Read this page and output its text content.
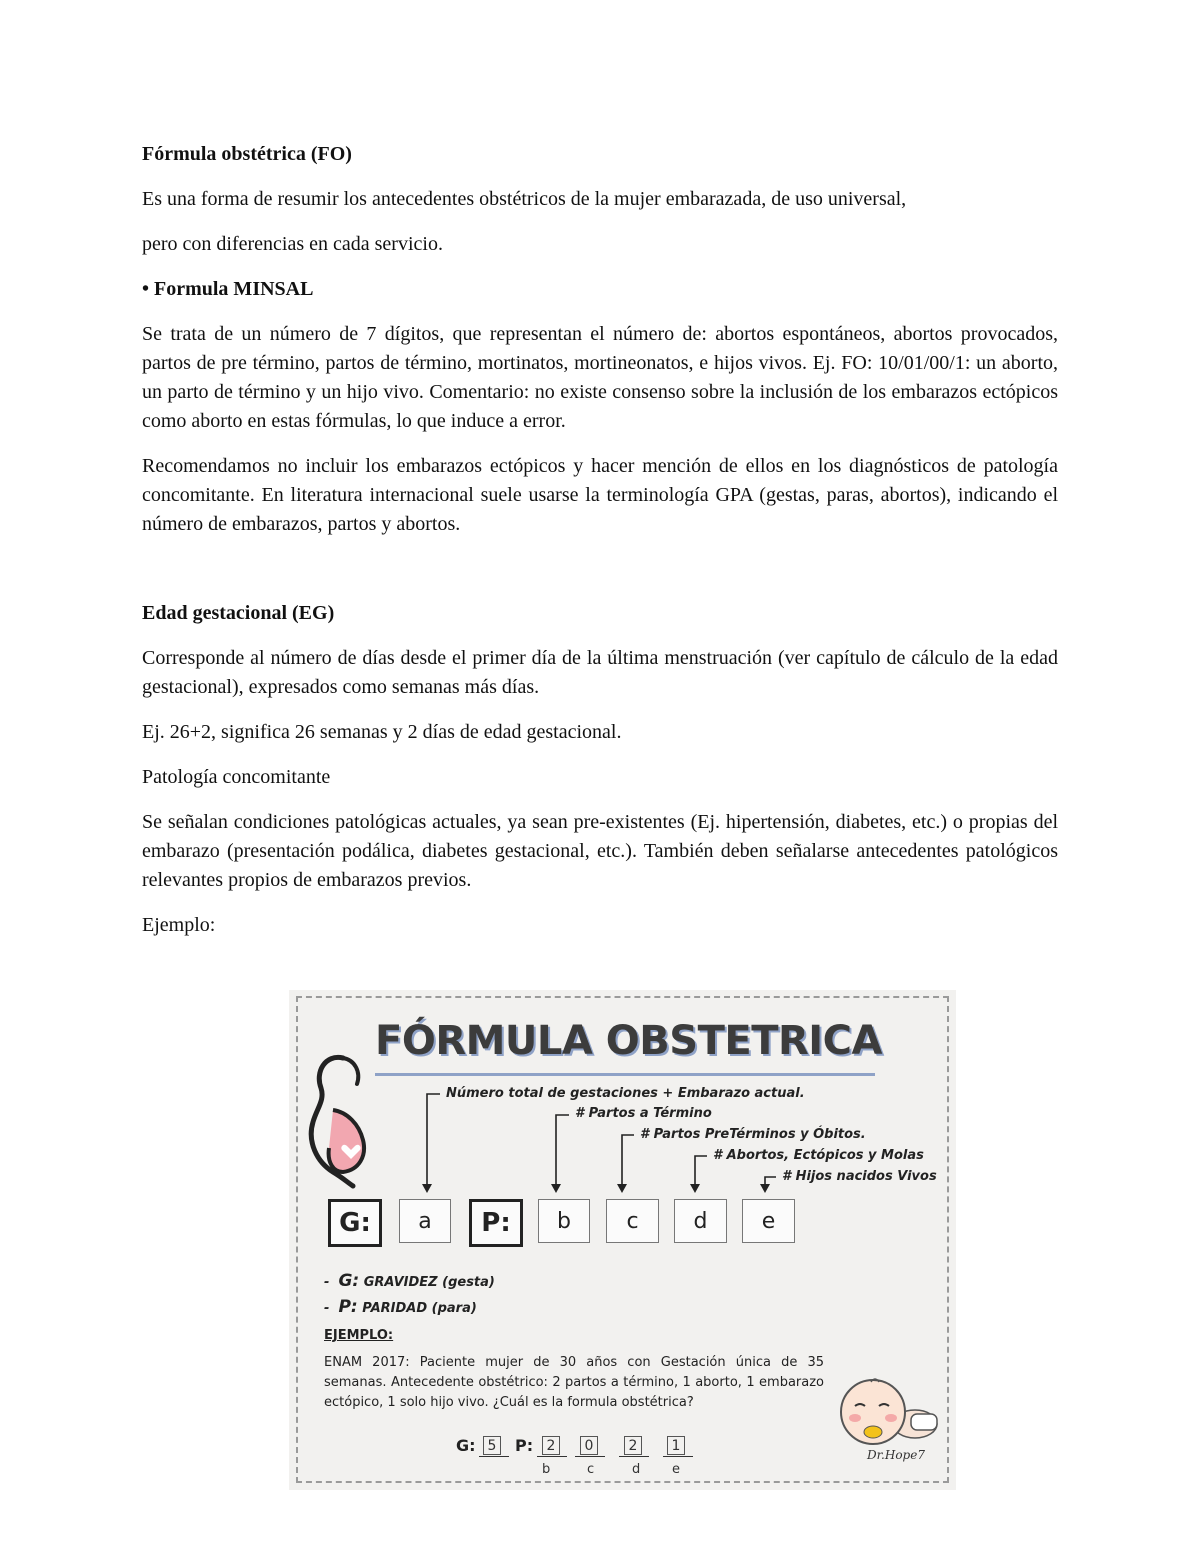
Fórmula obstétrica (FO)

Es una forma de resumir los antecedentes obstétricos de la mujer embarazada, de uso universal,

pero con diferencias en cada servicio.

• Formula MINSAL

Se trata de un número de 7 dígitos, que representan el número de: abortos espontáneos, abortos provocados, partos de pre término, partos de término, mortinatos, mortineonatos, e hijos vivos. Ej. FO: 10/01/00/1: un aborto, un parto de término y un hijo vivo. Comentario: no existe consenso sobre la inclusión de los embarazos ectópicos como aborto en estas fórmulas, lo que induce a error.

Recomendamos no incluir los embarazos ectópicos y hacer mención de ellos en los diagnósticos de patología concomitante. En literatura internacional suele usarse la terminología GPA (gestas, paras, abortos), indicando el número de embarazos, partos y abortos.

Edad gestacional (EG)

Corresponde al número de días desde el primer día de la última menstruación (ver capítulo de cálculo de la edad gestacional), expresados como semanas más días.

Ej. 26+2, significa 26 semanas y 2 días de edad gestacional.

Patología concomitante

Se señalan condiciones patológicas actuales, ya sean pre-existentes (Ej. hipertensión, diabetes, etc.) o propias del embarazo (presentación podálica, diabetes gestacional, etc.). También deben señalarse antecedentes patológicos relevantes propios de embarazos previos.

Ejemplo:

FÓRMULA OBSTETRICA
Número total de gestaciones + Embarazo actual.
# Partos a Término
# Partos PreTérminos y Óbitos.
# Abortos, Ectópicos y Molas
# Hijos nacidos Vivos
G:	a	P:	b	c	d	e
-  G: GRAVIDEZ (gesta)
-  P: PARIDAD (para)
EJEMPLO:
ENAM 2017: Paciente mujer de 30 años con Gestación única de 35 semanas. Antecedente obstétrico: 2 partos a término, 1 aborto, 1 embarazo ectópico, 1 solo hijo vivo. ¿Cuál es la formula obstétrica?
G: 5 P: 2	0	2	1
b	c	d e
Dr.Hope7
